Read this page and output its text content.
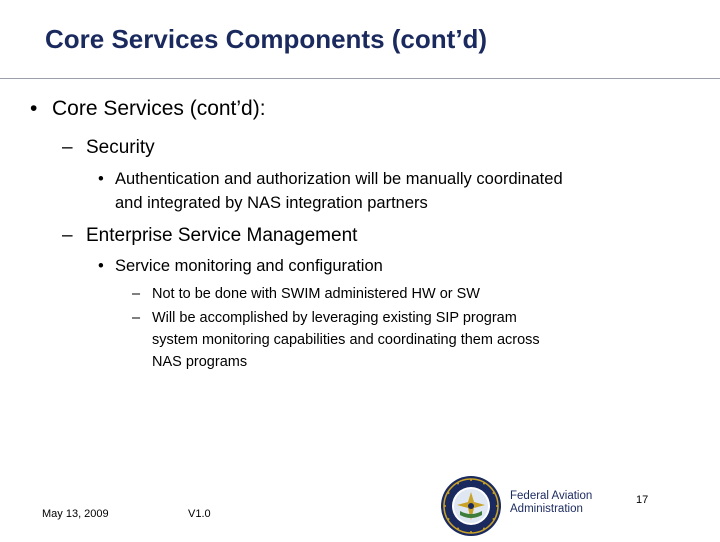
Core Services Components (cont’d)
• Core Services (cont’d):
– Security
• Authentication and authorization will be manually coordinated
and integrated by NAS integration partners
– Enterprise Service Management
• Service monitoring and configuration
– Not to be done with SWIM administered HW or SW
– Will be accomplished by leveraging existing SIP program
system monitoring capabilities and coordinating them across
NAS programs
May 13, 2009	V1.0
Federal Aviation
Administration
17
